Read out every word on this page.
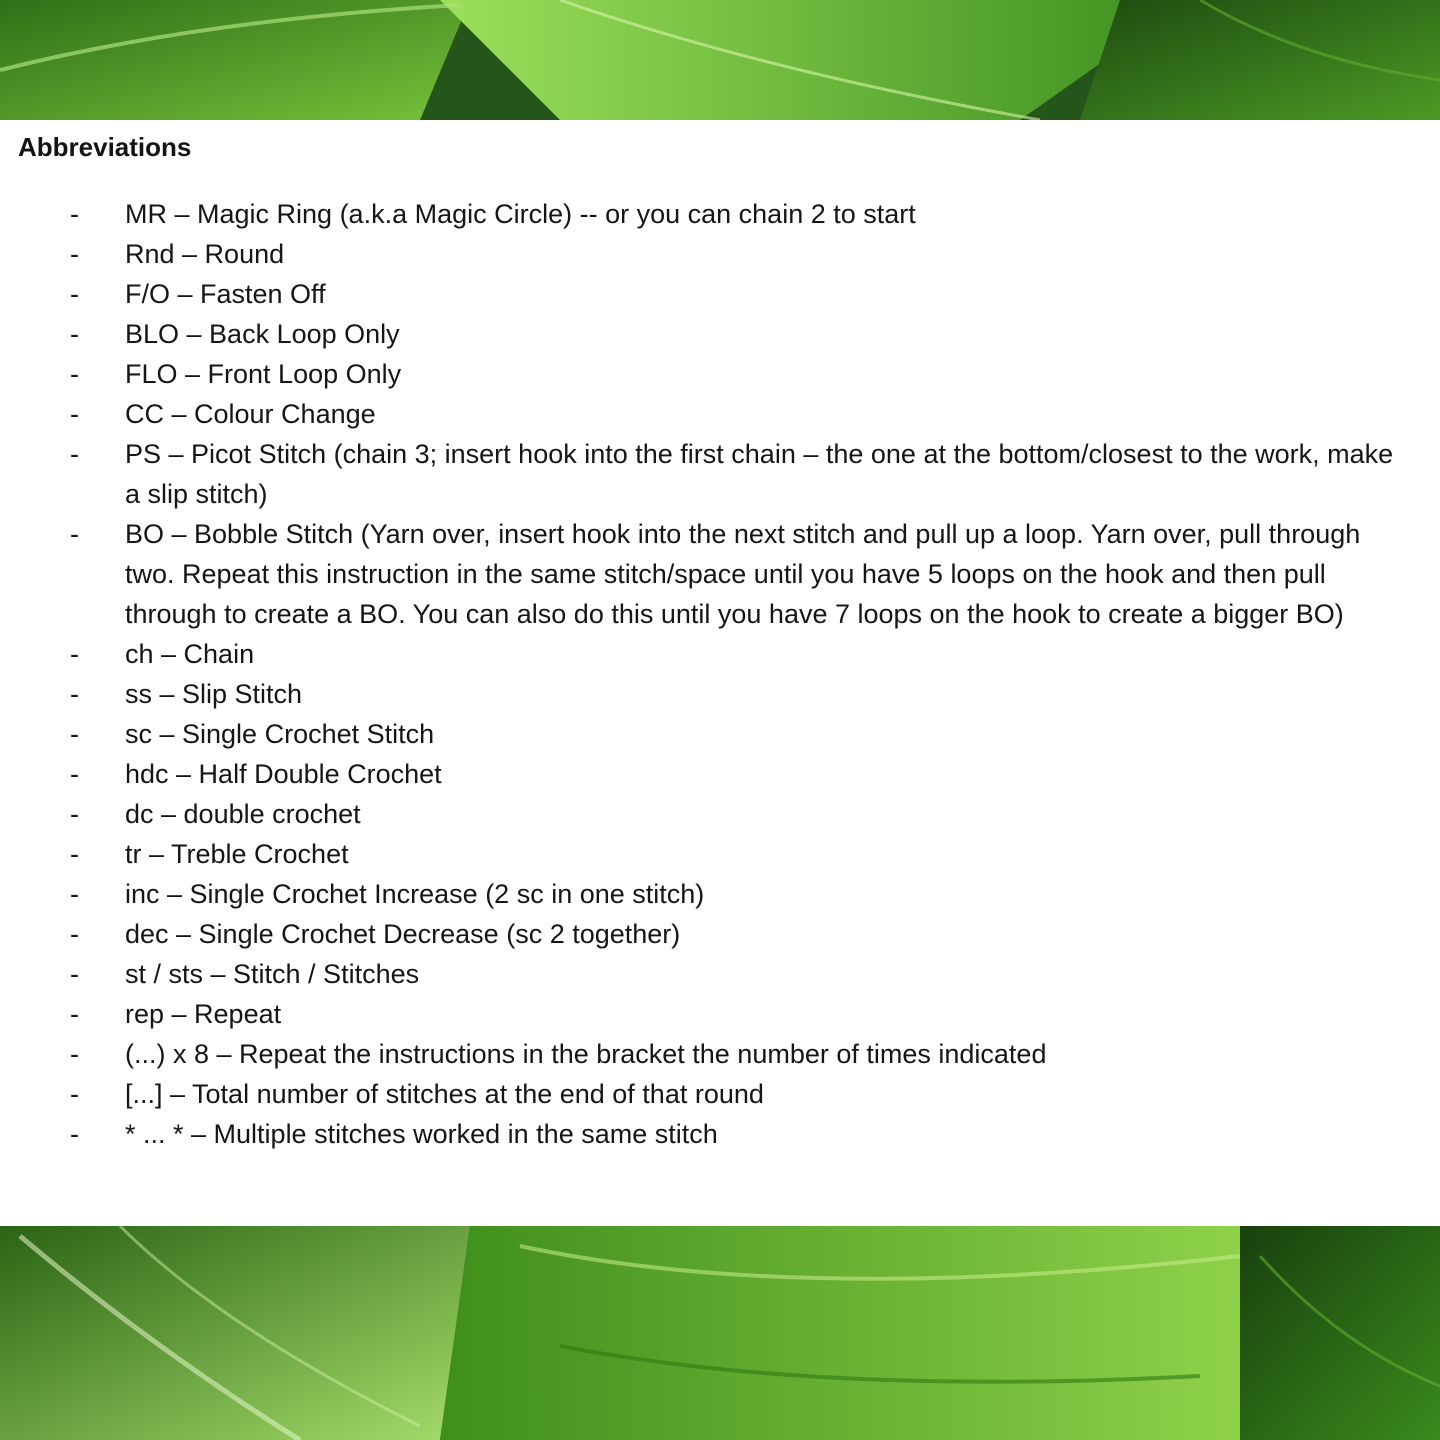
Abbreviations
-	MR – Magic Ring (a.k.a Magic Circle) -- or you can chain 2 to start
-	Rnd – Round
-	F/O – Fasten Off
-	BLO – Back Loop Only
-	FLO – Front Loop Only
-	CC – Colour Change
-	PS – Picot Stitch (chain 3; insert hook into the first chain – the one at the bottom/closest to the work, make a slip stitch)
-	BO – Bobble Stitch (Yarn over, insert hook into the next stitch and pull up a loop. Yarn over, pull through two. Repeat this instruction in the same stitch/space until you have 5 loops on the hook and then pull through to create a BO. You can also do this until you have 7 loops on the hook to create a bigger BO)
-	ch – Chain
-	ss – Slip Stitch
-	sc – Single Crochet Stitch
-	hdc – Half Double Crochet
-	dc – double crochet
-	tr – Treble Crochet
-	inc – Single Crochet Increase (2 sc in one stitch)
-	dec – Single Crochet Decrease (sc 2 together)
-	st / sts – Stitch / Stitches
-	rep – Repeat
-	(...) x 8 – Repeat the instructions in the bracket the number of times indicated
-	[...] – Total number of stitches at the end of that round
-	* ... * – Multiple stitches worked in the same stitch
